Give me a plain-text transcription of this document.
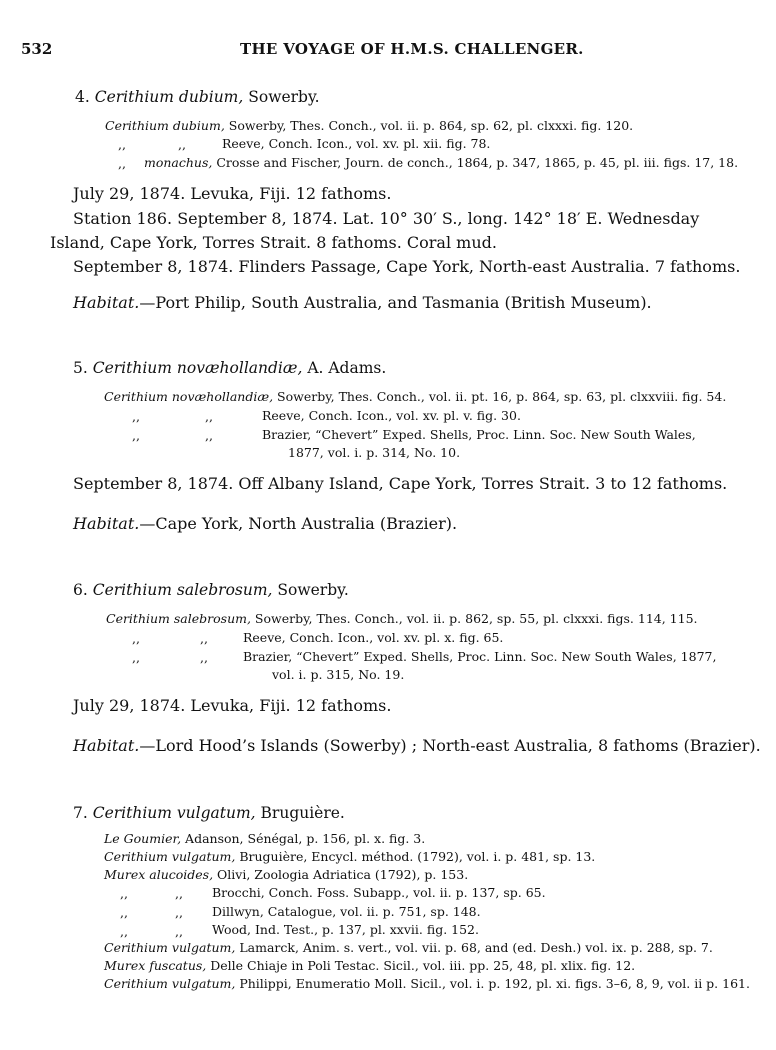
532	THE VOYAGE OF H.M.S. CHALLENGER.
4. Cerithium dubium, Sowerby.
Cerithium dubium, Sowerby, Thes. Conch., vol. ii. p. 864, sp. 62, pl. clxxxi. fig. 120.
,,	,,	Reeve, Conch. Icon., vol. xv. pl. xii. fig. 78.
,, monachus, Crosse and Fischer, Journ. de conch., 1864, p. 347, 1865, p. 45, pl. iii. figs. 17, 18.
July 29, 1874. Levuka, Fiji. 12 fathoms.
Station 186. September 8, 1874. Lat. 10° 30′ S., long. 142° 18′ E. Wednesday
Island, Cape York, Torres Strait. 8 fathoms. Coral mud.
September 8, 1874. Flinders Passage, Cape York, North-east Australia. 7 fathoms.
Habitat.—Port Philip, South Australia, and Tasmania (British Museum).
5. Cerithium novæhollandiæ, A. Adams.
Cerithium novæhollandiæ, Sowerby, Thes. Conch., vol. ii. pt. 16, p. 864, sp. 63, pl. clxxviii. fig. 54.
,,	,,	Reeve, Conch. Icon., vol. xv. pl. v. fig. 30.
,,	,,	Brazier, “Chevert” Exped. Shells, Proc. Linn. Soc. New South Wales,
1877, vol. i. p. 314, No. 10.
September 8, 1874. Off Albany Island, Cape York, Torres Strait. 3 to 12 fathoms.
Habitat.—Cape York, North Australia (Brazier).
6. Cerithium salebrosum, Sowerby.
Cerithium salebrosum, Sowerby, Thes. Conch., vol. ii. p. 862, sp. 55, pl. clxxxi. figs. 114, 115.
,,	,,	Reeve, Conch. Icon., vol. xv. pl. x. fig. 65.
,,	,,	Brazier, “Chevert” Exped. Shells, Proc. Linn. Soc. New South Wales, 1877,
vol. i. p. 315, No. 19.
July 29, 1874. Levuka, Fiji. 12 fathoms.
Habitat.—Lord Hood’s Islands (Sowerby) ; North-east Australia, 8 fathoms (Brazier).
7. Cerithium vulgatum, Bruguière.
Le Goumier, Adanson, Sénégal, p. 156, pl. x. fig. 3.
Cerithium vulgatum, Bruguière, Encycl. méthod. (1792), vol. i. p. 481, sp. 13.
Murex alucoides, Olivi, Zoologia Adriatica (1792), p. 153.
,,	,, Brocchi, Conch. Foss. Subapp., vol. ii. p. 137, sp. 65.
,,	,, Dillwyn, Catalogue, vol. ii. p. 751, sp. 148.
,,	,, Wood, Ind. Test., p. 137, pl. xxvii. fig. 152.
Cerithium vulgatum, Lamarck, Anim. s. vert., vol. vii. p. 68, and (ed. Desh.) vol. ix. p. 288, sp. 7.
Murex fuscatus, Delle Chiaje in Poli Testac. Sicil., vol. iii. pp. 25, 48, pl. xlix. fig. 12.
Cerithium vulgatum, Philippi, Enumeratio Moll. Sicil., vol. i. p. 192, pl. xi. figs. 3–6, 8, 9, vol. ii p. 161.
